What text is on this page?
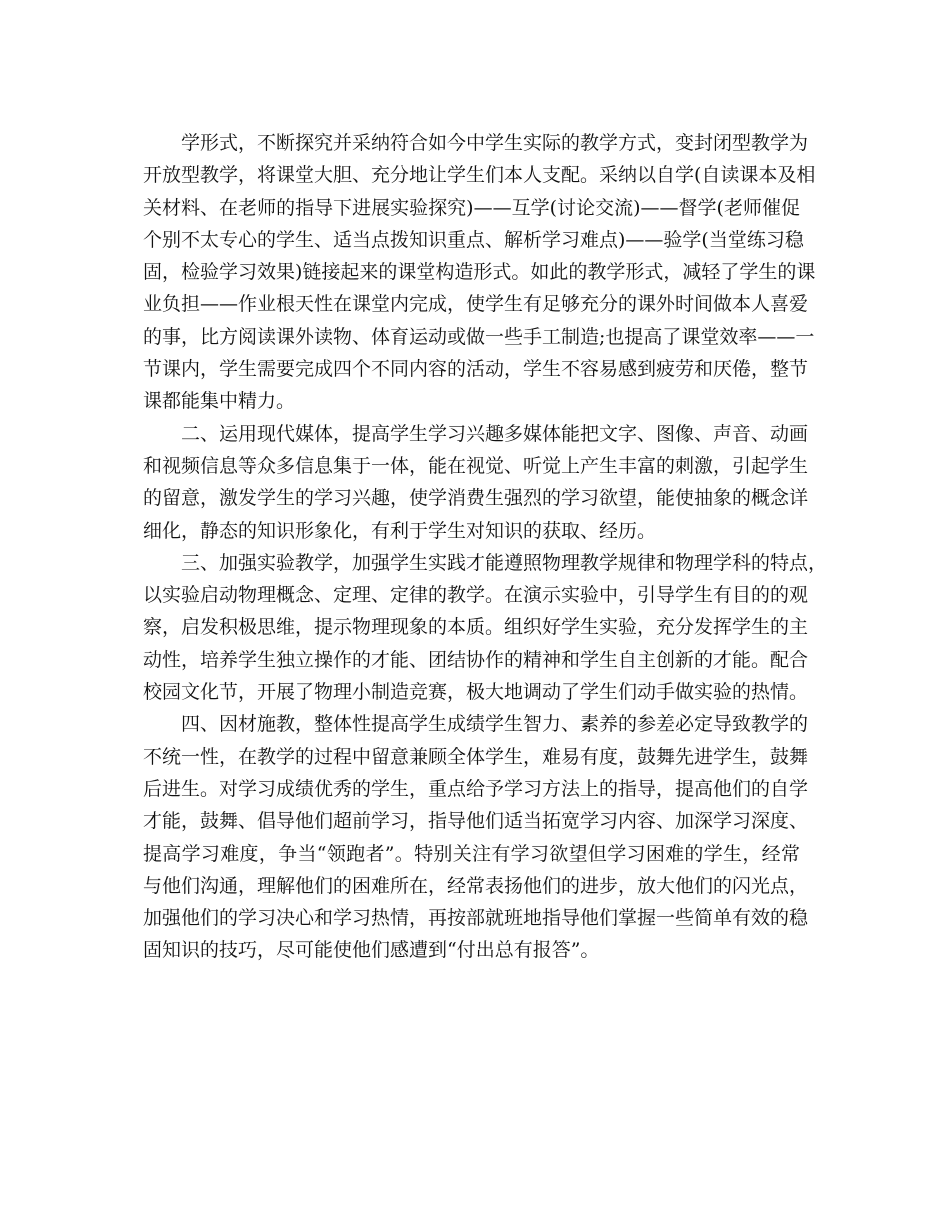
学形式，不断探究并采纳符合如今中学生实际的教学方式，变封闭型教学为
开放型教学，将课堂大胆、充分地让学生们本人支配。采纳以自学(自读课本及相
关材料、在老师的指导下进展实验探究)——互学(讨论交流)——督学(老师催促
个别不太专心的学生、适当点拨知识重点、解析学习难点)——验学(当堂练习稳
固，检验学习效果)链接起来的课堂构造形式。如此的教学形式，减轻了学生的课
业负担——作业根天性在课堂内完成，使学生有足够充分的课外时间做本人喜爱
的事，比方阅读课外读物、体育运动或做一些手工制造;也提高了课堂效率——一
节课内，学生需要完成四个不同内容的活动，学生不容易感到疲劳和厌倦，整节
课都能集中精力。

二、运用现代媒体，提高学生学习兴趣多媒体能把文字、图像、声音、动画
和视频信息等众多信息集于一体，能在视觉、听觉上产生丰富的刺激，引起学生
的留意，激发学生的学习兴趣，使学消费生强烈的学习欲望，能使抽象的概念详
细化，静态的知识形象化，有利于学生对知识的获取、经历。

三、加强实验教学，加强学生实践才能遵照物理教学规律和物理学科的特点，
以实验启动物理概念、定理、定律的教学。在演示实验中，引导学生有目的的观
察，启发积极思维，提示物理现象的本质。组织好学生实验，充分发挥学生的主
动性，培养学生独立操作的才能、团结协作的精神和学生自主创新的才能。配合
校园文化节，开展了物理小制造竞赛，极大地调动了学生们动手做实验的热情。

四、因材施教，整体性提高学生成绩学生智力、素养的参差必定导致教学的
不统一性，在教学的过程中留意兼顾全体学生，难易有度，鼓舞先进学生，鼓舞
后进生。对学习成绩优秀的学生，重点给予学习方法上的指导，提高他们的自学
才能，鼓舞、倡导他们超前学习，指导他们适当拓宽学习内容、加深学习深度、
提高学习难度，争当“领跑者”。特别关注有学习欲望但学习困难的学生，经常
与他们沟通，理解他们的困难所在，经常表扬他们的进步，放大他们的闪光点，
加强他们的学习决心和学习热情，再按部就班地指导他们掌握一些简单有效的稳
固知识的技巧，尽可能使他们感遭到“付出总有报答”。
